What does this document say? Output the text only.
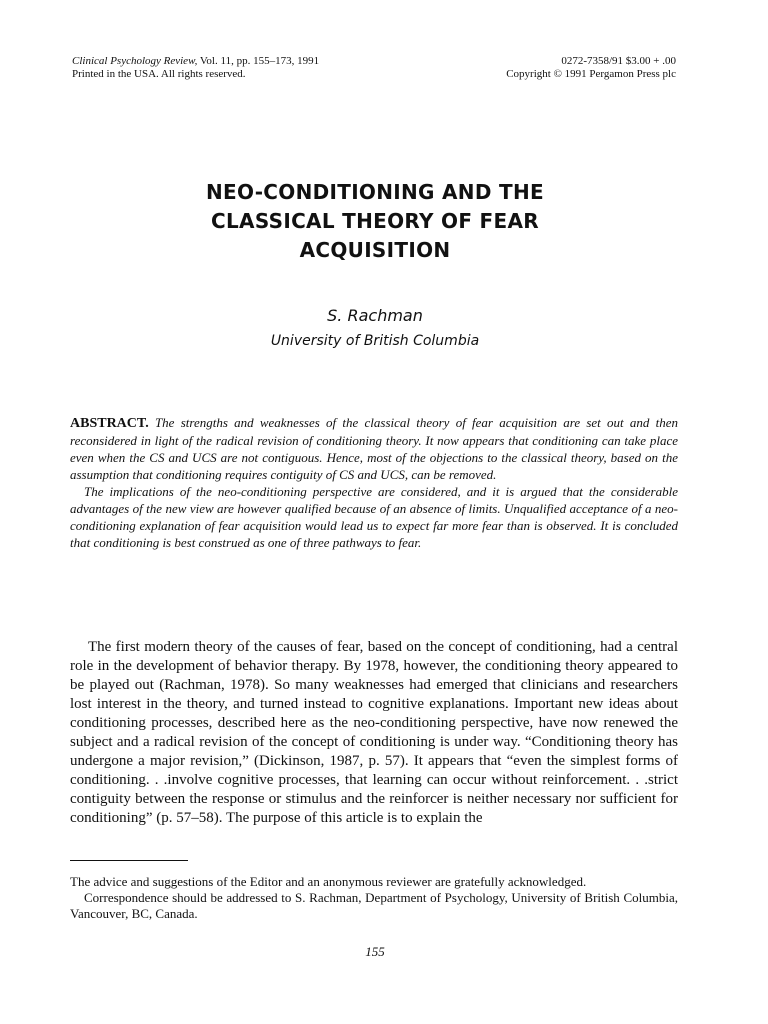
Clinical Psychology Review, Vol. 11, pp. 155–173, 1991
Printed in the USA. All rights reserved.
0272-7358/91 $3.00 + .00
Copyright © 1991 Pergamon Press plc
NEO-CONDITIONING AND THE
CLASSICAL THEORY OF FEAR
ACQUISITION
S. Rachman
University of British Columbia

ABSTRACT. The strengths and weaknesses of the classical theory of fear acquisition are set out and then reconsidered in light of the radical revision of conditioning theory. It now appears that conditioning can take place even when the CS and UCS are not contiguous. Hence, most of the objections to the classical theory, based on the assumption that conditioning requires contiguity of CS and UCS, can be removed.

The implications of the neo-conditioning perspective are considered, and it is argued that the considerable advantages of the new view are however qualified because of an absence of limits. Unqualified acceptance of a neo-conditioning explanation of fear acquisition would lead us to expect far more fear than is observed. It is concluded that conditioning is best construed as one of three pathways to fear.

The first modern theory of the causes of fear, based on the concept of conditioning, had a central role in the development of behavior therapy. By 1978, however, the conditioning theory appeared to be played out (Rachman, 1978). So many weaknesses had emerged that clinicians and researchers lost interest in the theory, and turned instead to cognitive explanations. Important new ideas about conditioning processes, described here as the neo-conditioning perspective, have now renewed the subject and a radical revision of the concept of conditioning is under way. “Conditioning theory has undergone a major revision,” (Dickinson, 1987, p. 57). It appears that “even the simplest forms of conditioning. . .involve cognitive processes, that learning can occur without reinforcement. . .strict contiguity between the response or stimulus and the reinforcer is neither necessary nor sufficient for conditioning” (p. 57–58). The purpose of this article is to explain the

The advice and suggestions of the Editor and an anonymous reviewer are gratefully acknowledged.

Correspondence should be addressed to S. Rachman, Department of Psychology, University of British Columbia, Vancouver, BC, Canada.

155
